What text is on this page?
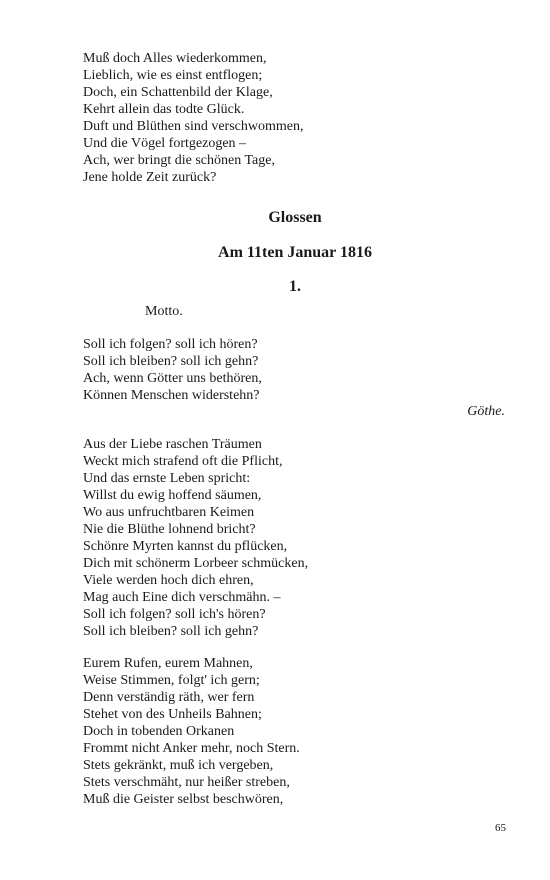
Muß doch Alles wiederkommen,
Lieblich, wie es einst entflogen;
Doch, ein Schattenbild der Klage,
Kehrt allein das todte Glück.
Duft und Blüthen sind verschwommen,
Und die Vögel fortgezogen –
Ach, wer bringt die schönen Tage,
Jene holde Zeit zurück?
Glossen
Am 11ten Januar 1816
1.
Motto.
Soll ich folgen? soll ich hören?
Soll ich bleiben? soll ich gehn?
Ach, wenn Götter uns bethören,
Können Menschen widerstehn?
Göthe.
Aus der Liebe raschen Träumen
Weckt mich strafend oft die Pflicht,
Und das ernste Leben spricht:
Willst du ewig hoffend säumen,
Wo aus unfruchtbaren Keimen
Nie die Blüthe lohnend bricht?
Schönre Myrten kannst du pflücken,
Dich mit schönerm Lorbeer schmücken,
Viele werden hoch dich ehren,
Mag auch Eine dich verschmähn. –
Soll ich folgen? soll ich's hören?
Soll ich bleiben? soll ich gehn?
Eurem Rufen, eurem Mahnen,
Weise Stimmen, folgt' ich gern;
Denn verständig räth, wer fern
Stehet von des Unheils Bahnen;
Doch in tobenden Orkanen
Frommt nicht Anker mehr, noch Stern.
Stets gekränkt, muß ich vergeben,
Stets verschmäht, nur heißer streben,
Muß die Geister selbst beschwören,
65
